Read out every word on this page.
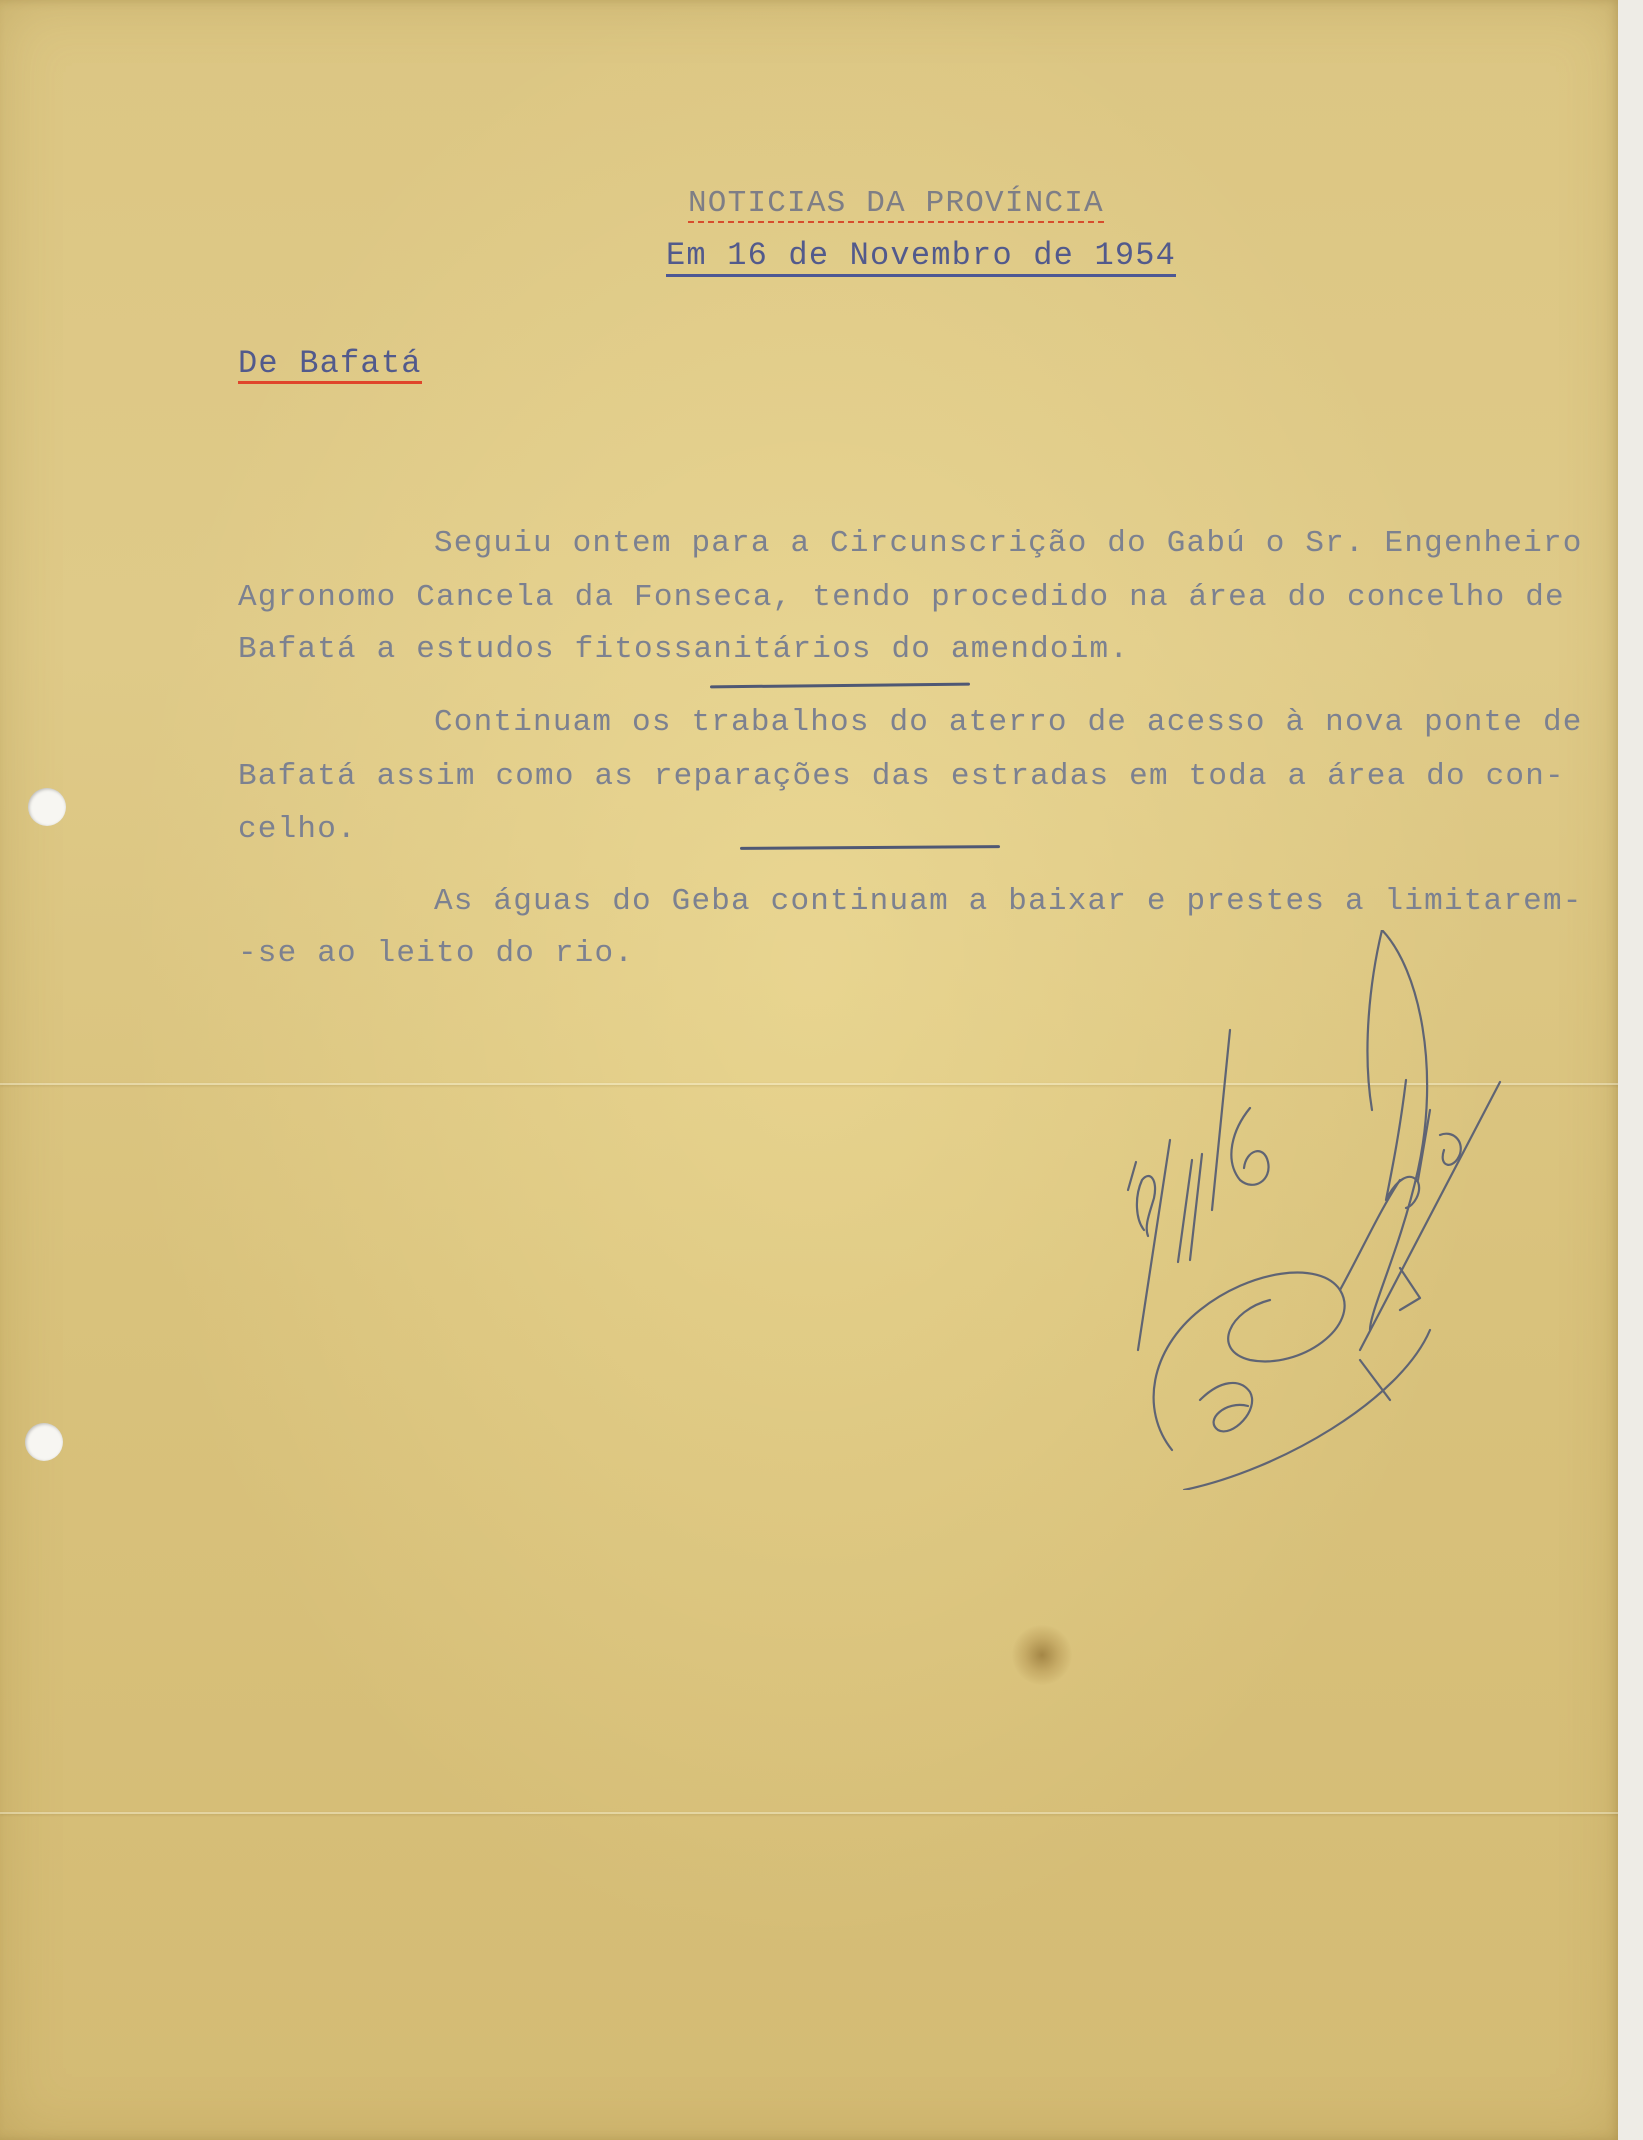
NOTICIAS DA PROVÍNCIA
Em 16 de Novembro de 1954
De Bafatá
Seguiu ontem para a Circunscrição do Gabú o Sr. Engenheiro
Agronomo Cancela da Fonseca, tendo procedido na área do concelho de
Bafatá a estudos fitossanitários do amendoim.
Continuam os trabalhos do aterro de acesso à nova ponte de
Bafatá assim como as reparações das estradas em toda a área do con-
celho.
As águas do Geba continuam a baixar e prestes a limitarem-
-se ao leito do rio.
